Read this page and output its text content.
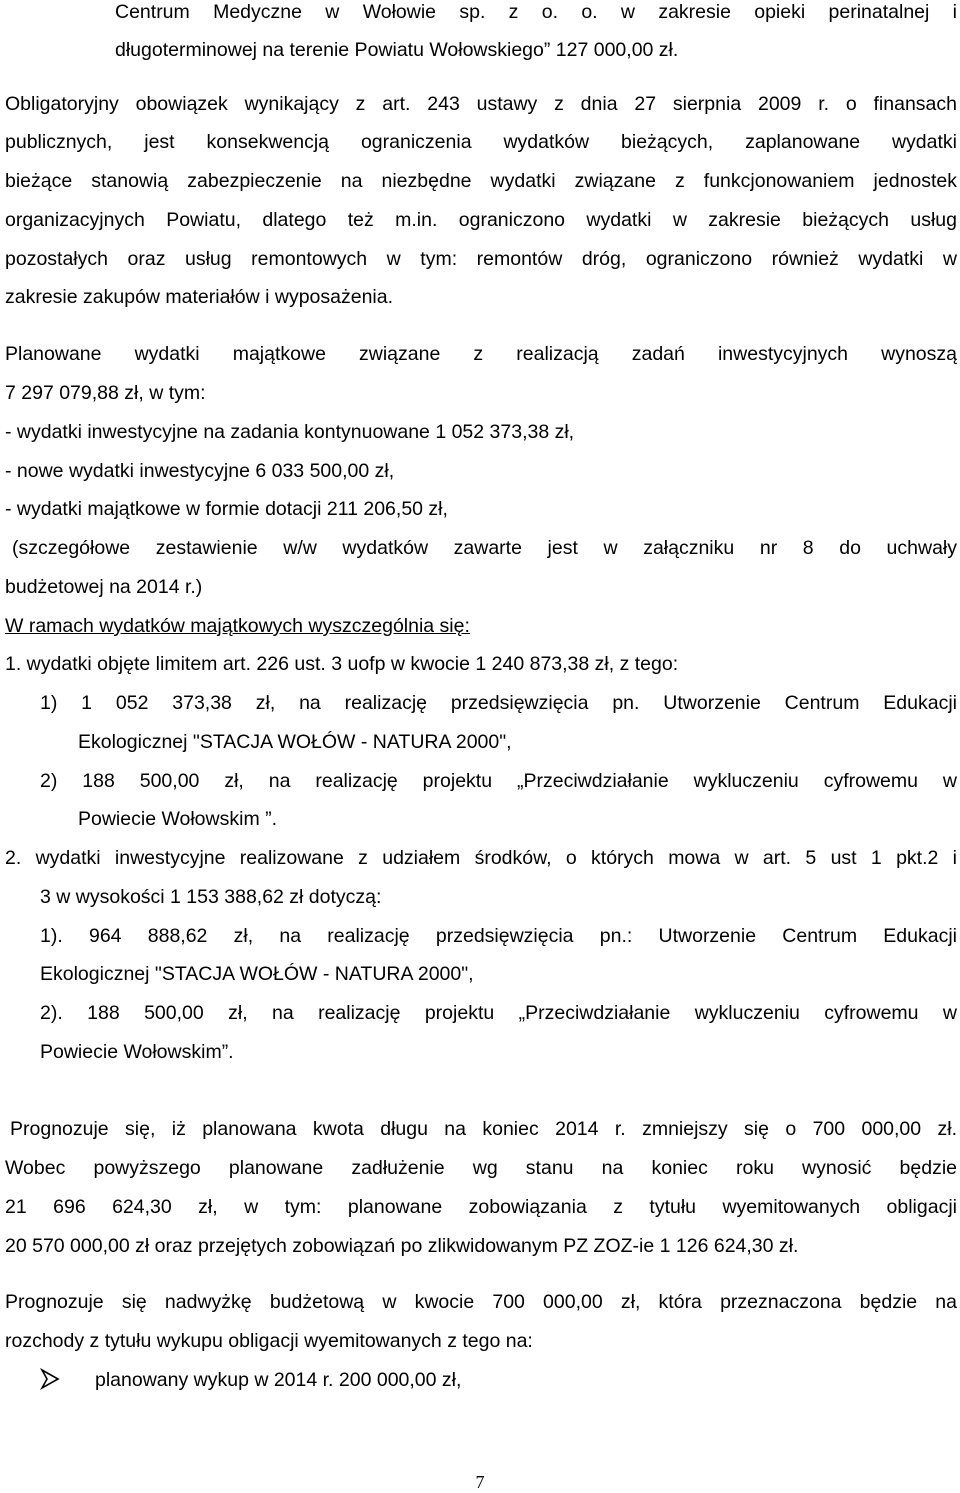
Centrum Medyczne w Wołowie sp. z o. o. w zakresie opieki perinatalnej i
długoterminowej na terenie Powiatu Wołowskiego” 127 000,00 zł.
Obligatoryjny obowiązek wynikający z art. 243 ustawy z dnia 27 sierpnia 2009 r. o finansach
publicznych, jest konsekwencją ograniczenia wydatków bieżących, zaplanowane wydatki
bieżące stanowią zabezpieczenie na niezbędne wydatki związane z funkcjonowaniem jednostek
organizacyjnych Powiatu, dlatego też m.in. ograniczono wydatki w zakresie bieżących usług
pozostałych oraz usług remontowych w tym: remontów dróg, ograniczono również wydatki w
zakresie zakupów materiałów i wyposażenia.
Planowane wydatki majątkowe związane z realizacją zadań inwestycyjnych wynoszą
7 297 079,88 zł, w tym:
- wydatki inwestycyjne na zadania kontynuowane 1 052 373,38 zł,
- nowe wydatki inwestycyjne 6 033 500,00 zł,
- wydatki majątkowe w formie dotacji 211 206,50 zł,
(szczegółowe zestawienie w/w wydatków zawarte jest w załączniku nr 8 do uchwały
budżetowej na 2014 r.)
W ramach wydatków majątkowych wyszczególnia się:
1. wydatki objęte limitem art. 226 ust. 3 uofp w kwocie 1 240 873,38 zł, z tego:
1) 1 052 373,38 zł, na realizację przedsięwzięcia pn. Utworzenie Centrum Edukacji
Ekologicznej "STACJA WOŁÓW - NATURA 2000",
2) 188 500,00 zł, na realizację projektu „Przeciwdziałanie wykluczeniu cyfrowemu w
Powiecie Wołowskim ”.
2. wydatki inwestycyjne realizowane z udziałem środków, o których mowa w art. 5 ust 1 pkt.2 i
3 w wysokości 1 153 388,62 zł dotyczą:
1). 964 888,62 zł, na realizację przedsięwzięcia pn.: Utworzenie Centrum Edukacji
Ekologicznej "STACJA WOŁÓW - NATURA 2000",
2). 188 500,00 zł, na realizację projektu „Przeciwdziałanie wykluczeniu cyfrowemu w
Powiecie Wołowskim”.
Prognozuje się, iż planowana kwota długu na koniec 2014 r. zmniejszy się o 700 000,00 zł.
Wobec powyższego planowane zadłużenie wg stanu na koniec roku wynosić będzie
21 696 624,30 zł, w tym: planowane zobowiązania z tytułu wyemitowanych obligacji
20 570 000,00 zł oraz przejętych zobowiązań po zlikwidowanym PZ ZOZ-ie 1 126 624,30 zł.
Prognozuje się nadwyżkę budżetową w kwocie 700 000,00 zł, która przeznaczona będzie na
rozchody z tytułu wykupu obligacji wyemitowanych z tego na:
planowany wykup w 2014 r. 200 000,00 zł,
7
